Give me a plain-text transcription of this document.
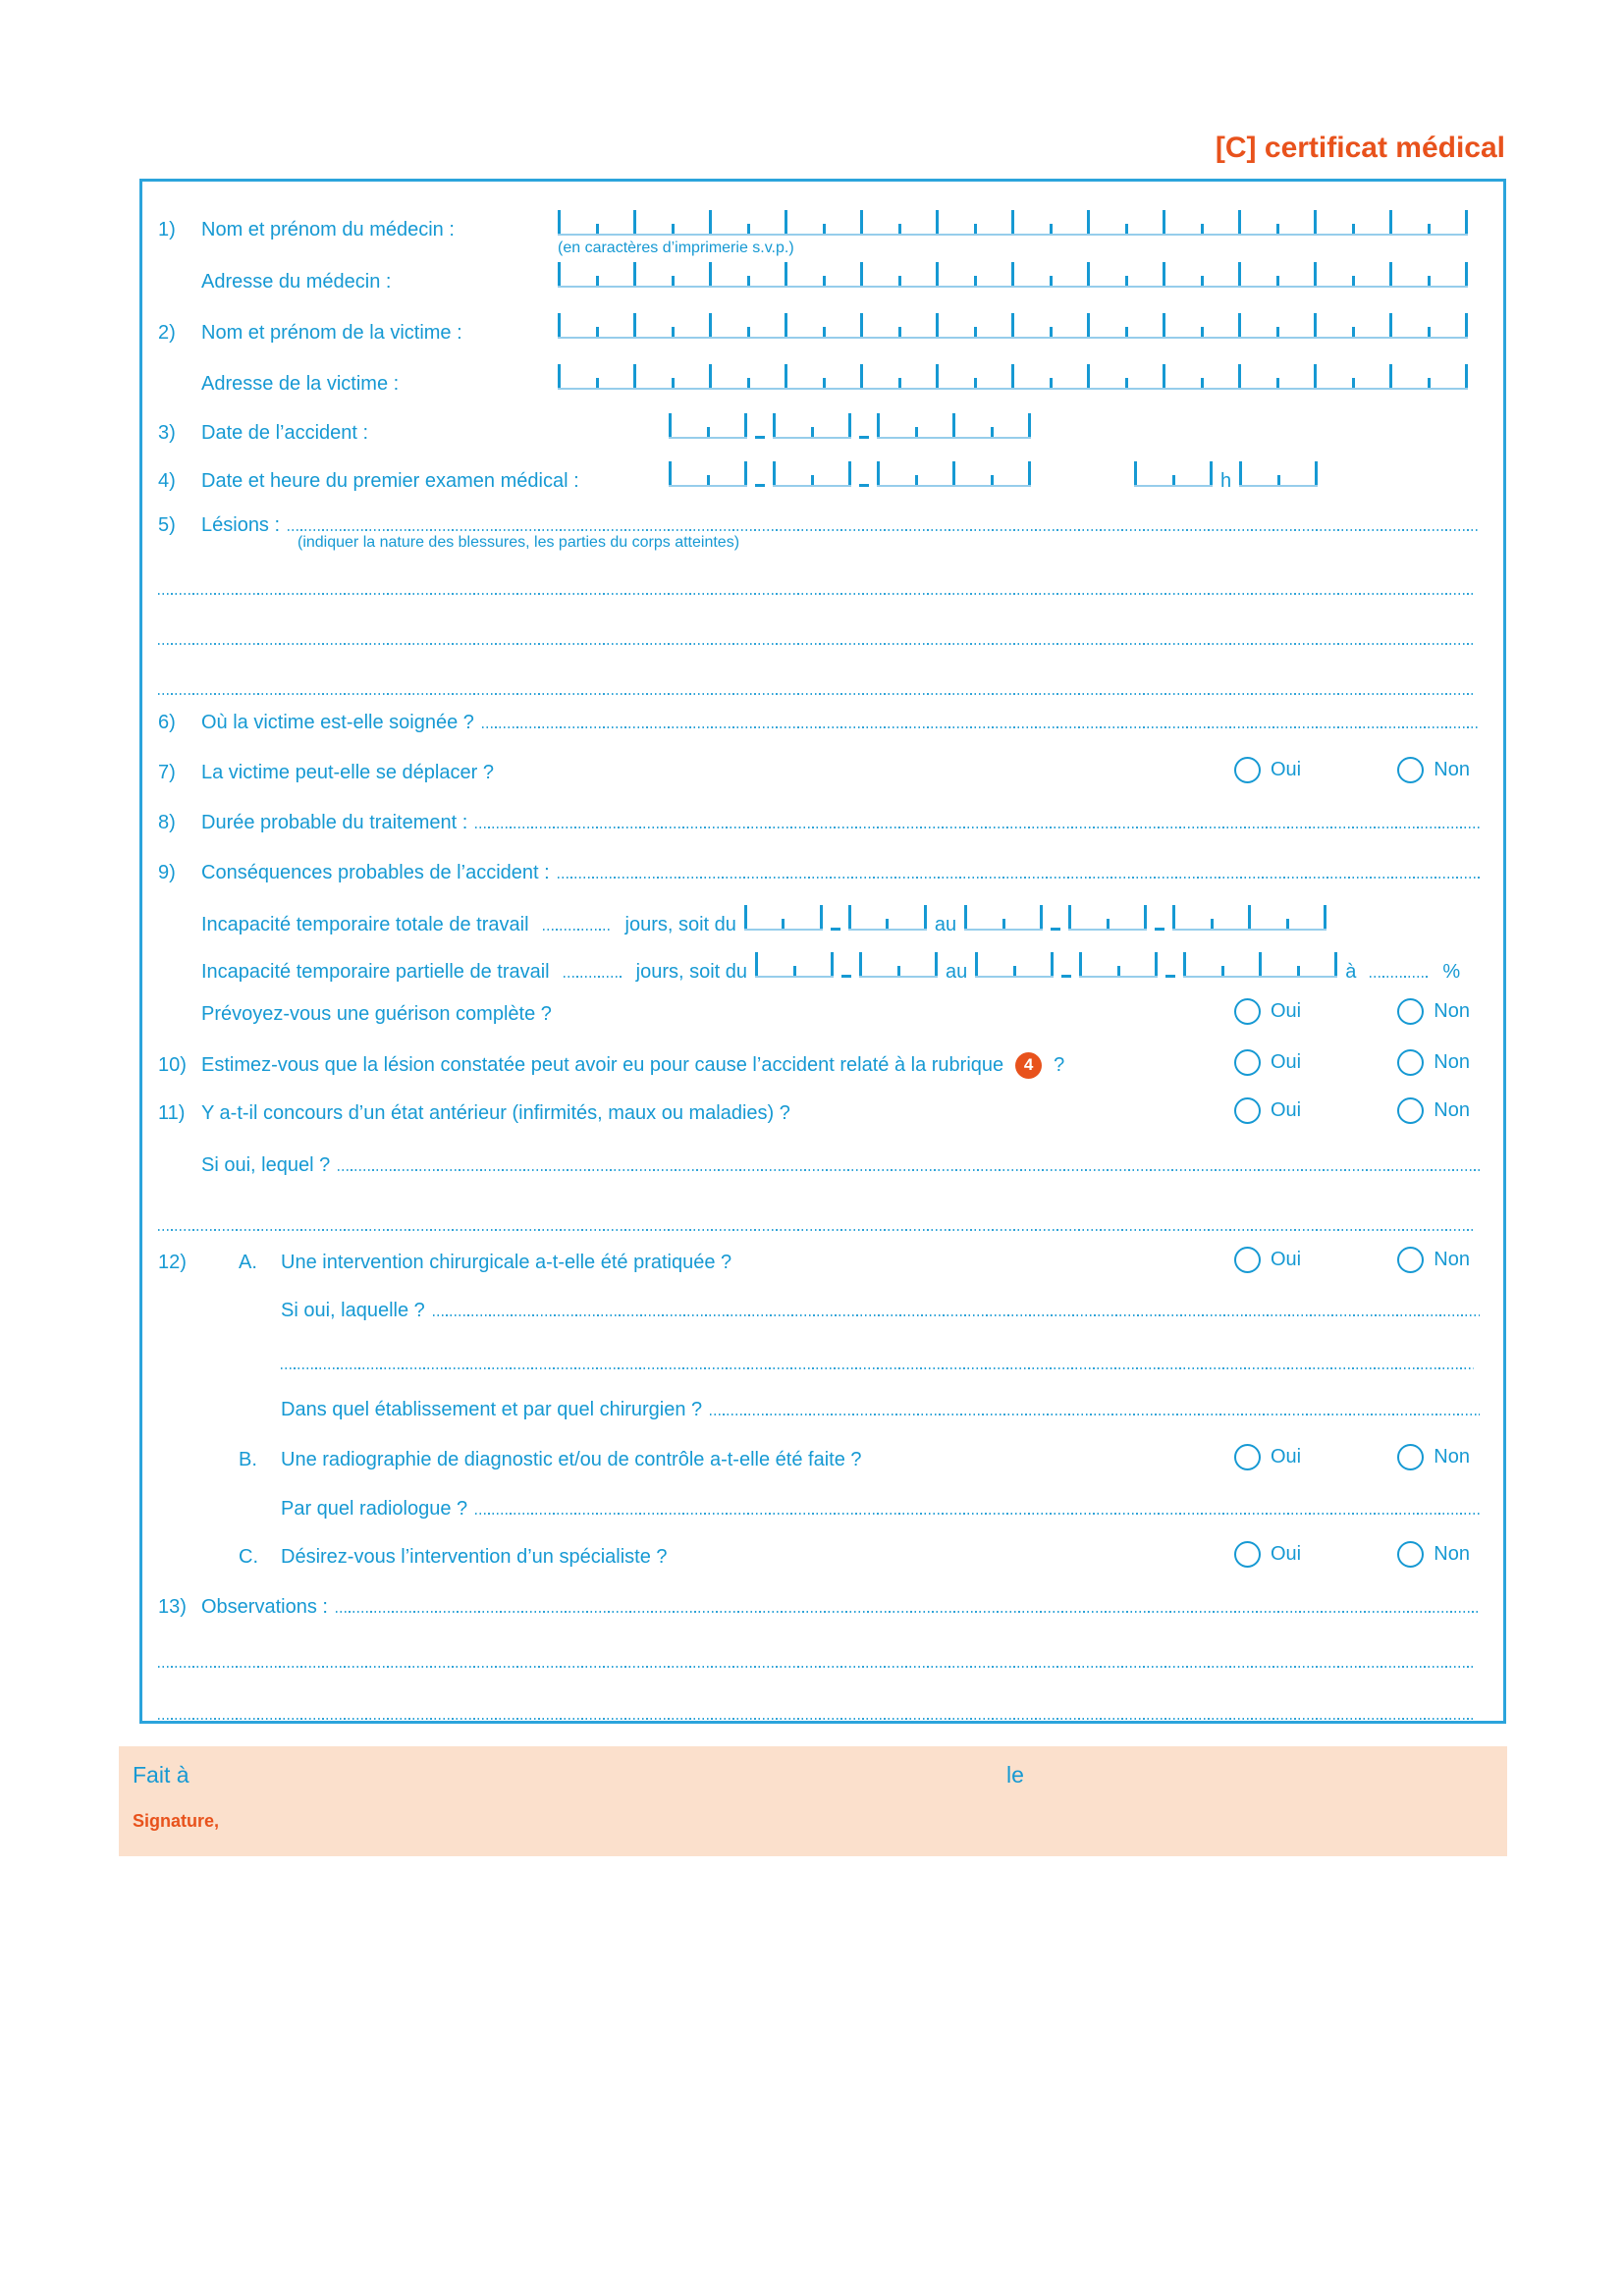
[C] certificat médical
1)	Nom et prénom du médecin :
(en caractères d’imprimerie s.v.p.)
Adresse du médecin :
2)	Nom et prénom de la victime :
Adresse de la victime :
3)	Date de l’accident :
4)	Date et heure du premier examen médical :	h
5)	Lésions :
(indiquer la nature des blessures, les parties du corps atteintes)
6)	Où la victime est-elle soignée ?
7)	La victime peut-elle se déplacer ?	Oui	Non
8)	Durée probable du traitement :
9)	Conséquences probables de l’accident :
Incapacité temporaire totale de travail	jours, soit du	au
Incapacité temporaire partielle de travail	jours, soit du	au	à	%
Prévoyez-vous une guérison complète ?	Oui	Non
10) Estimez-vous que la lésion constatée peut avoir eu pour cause l’accident relaté à la rubrique	4	?	Oui	Non
11) Y a-t-il concours d’un état antérieur (infirmités, maux ou maladies) ?	Oui	Non
Si oui, lequel ?
12)	A.	Une intervention chirurgicale a-t-elle été pratiquée ?	Oui	Non
Si oui, laquelle ?
Dans quel établissement et par quel chirurgien ?
B.	Une radiographie de diagnostic et/ou de contrôle a-t-elle été faite ?	Oui	Non
Par quel radiologue ?
C.	Désirez-vous l’intervention d’un spécialiste ?	Oui	Non
13) Observations :
Fait à	le
Signature,
